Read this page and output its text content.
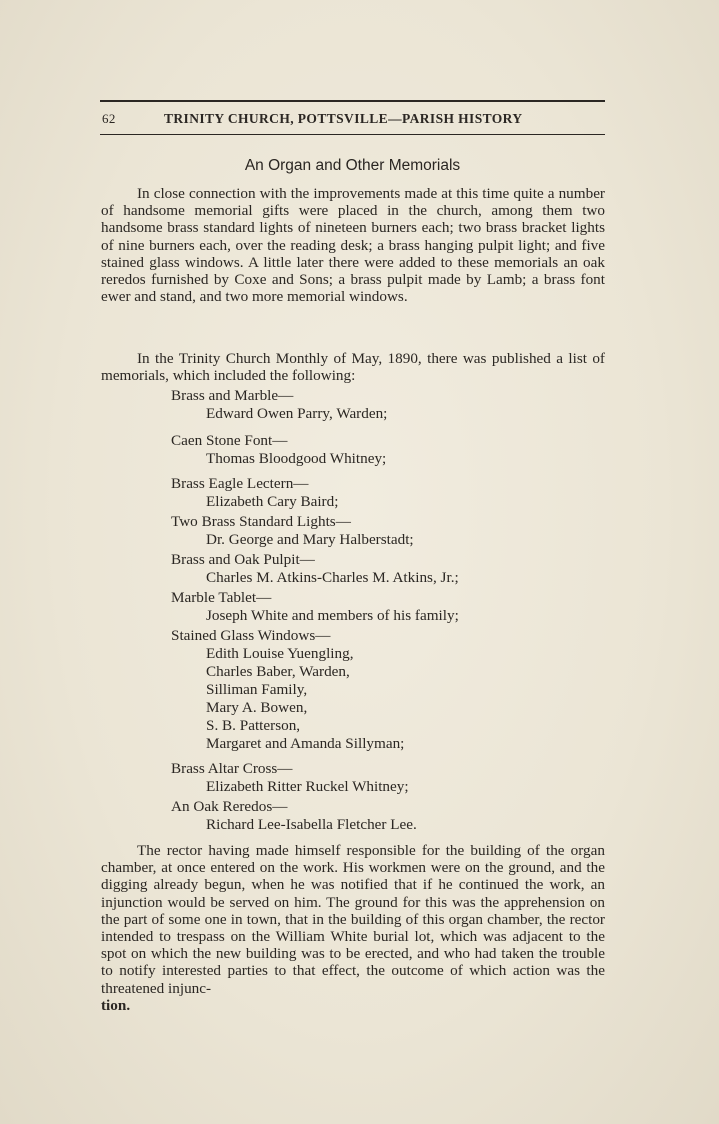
62	TRINITY CHURCH, POTTSVILLE—PARISH HISTORY
An Organ and Other Memorials

In close connection with the improvements made at this time quite a number of handsome memorial gifts were placed in the church, among them two handsome brass standard lights of nineteen burners each; two brass bracket lights of nine burners each, over the reading desk; a brass hanging pulpit light; and five stained glass windows. A little later there were added to these memorials an oak reredos furnished by Coxe and Sons; a brass pulpit made by Lamb; a brass font ewer and stand, and two more memorial windows.

In the Trinity Church Monthly of May, 1890, there was published a list of memorials, which included the following:

Brass and Marble—
Edward Owen Parry, Warden;
Caen Stone Font—
Thomas Bloodgood Whitney;
Brass Eagle Lectern—
Elizabeth Cary Baird;
Two Brass Standard Lights—
Dr. George and Mary Halberstadt;
Brass and Oak Pulpit—
Charles M. Atkins-Charles M. Atkins, Jr.;
Marble Tablet—
Joseph White and members of his family;
Stained Glass Windows—
Edith Louise Yuengling,
Charles Baber, Warden,
Silliman Family,
Mary A. Bowen,
S. B. Patterson,
Margaret and Amanda Sillyman;
Brass Altar Cross—
Elizabeth Ritter Ruckel Whitney;
An Oak Reredos—
Richard Lee-Isabella Fletcher Lee.

The rector having made himself responsible for the building of the organ chamber, at once entered on the work. His workmen were on the ground, and the digging already begun, when he was notified that if he continued the work, an injunction would be served on him. The ground for this was the apprehension on the part of some one in town, that in the building of this organ chamber, the rector intended to trespass on the William White burial lot, which was adjacent to the spot on which the new building was to be erected, and who had taken the trouble to notify interested parties to that effect, the outcome of which action was the threatened injunc-

tion.
